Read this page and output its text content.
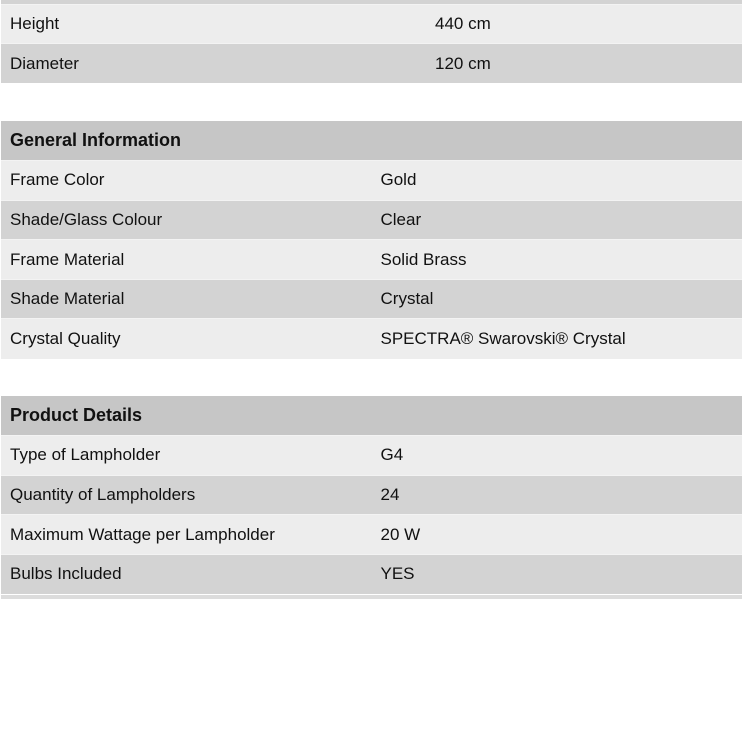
Height	440 cm
Diameter	120 cm
General Information	
Frame Color	Gold
Shade/Glass Colour	Clear
Frame Material	Solid Brass
Shade Material	Crystal
Crystal Quality	SPECTRA® Swarovski® Crystal
Product Details	
Type of Lampholder	G4
Quantity of Lampholders	24
Maximum Wattage per Lampholder	20 W
Bulbs Included	YES
